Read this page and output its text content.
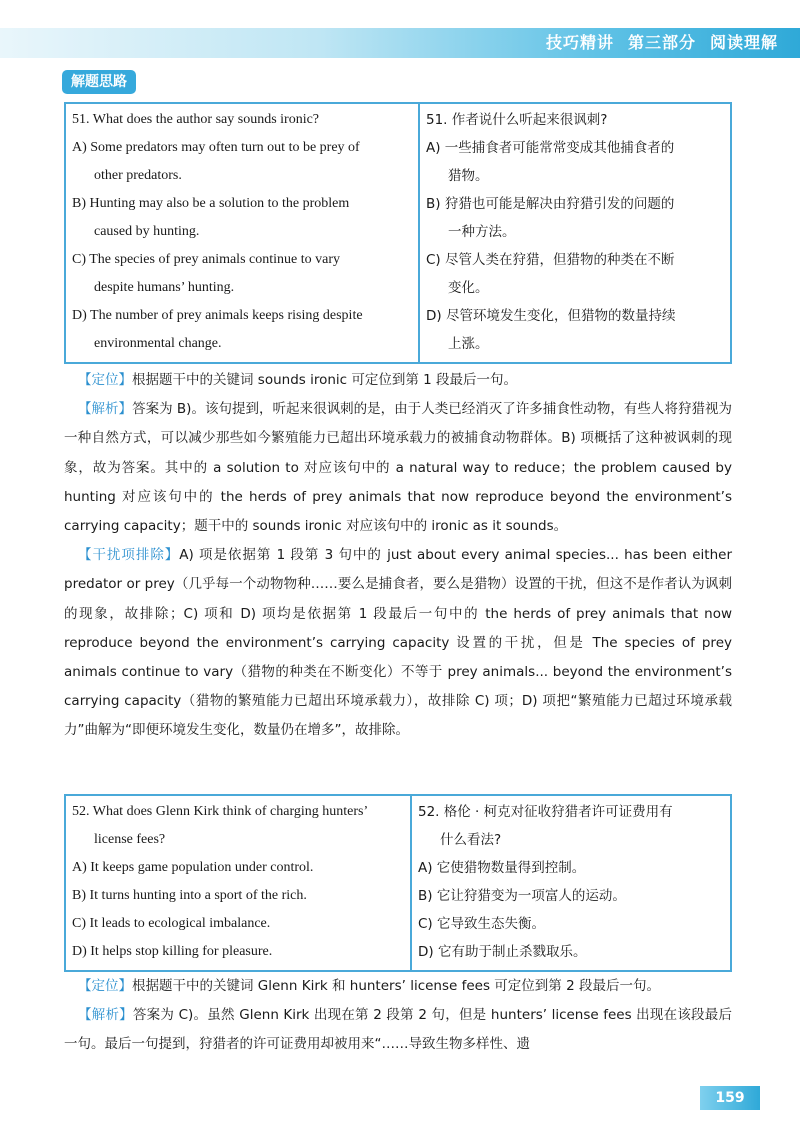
技巧精讲 第三部分 阅读理解
解题思路
51. What does the author say sounds ironic?
A) Some predators may often turn out to be prey of
other predators.
B) Hunting may also be a solution to the problem
caused by hunting.
C) The species of prey animals continue to vary
despite humans’ hunting.
D) The number of prey animals keeps rising despite
environmental change.

51. 作者说什么听起来很讽刺?
A) 一些捕食者可能常常变成其他捕食者的
猎物。
B) 狩猎也可能是解决由狩猎引发的问题的
一种方法。
C) 尽管人类在狩猎，但猎物的种类在不断
变化。
D) 尽管环境发生变化，但猎物的数量持续
上涨。
【定位】根据题干中的关键词 sounds ironic 可定位到第 1 段最后一句。
【解析】答案为 B)。该句提到，听起来很讽刺的是，由于人类已经消灭了许多捕食性动物，有些人将狩猎视为一种自然方式，可以减少那些如今繁殖能力已超出环境承载力的被捕食动物群体。B) 项概括了这种被讽刺的现象，故为答案。其中的 a solution to 对应该句中的 a natural way to reduce；the problem caused by hunting 对应该句中的 the herds of prey animals that now reproduce beyond the environment’s carrying capacity；题干中的 sounds ironic 对应该句中的 ironic as it sounds。
【干扰项排除】A) 项是依据第 1 段第 3 句中的 just about every animal species... has been either predator or prey（几乎每一个动物物种……要么是捕食者，要么是猎物）设置的干扰，但这不是作者认为讽刺的现象，故排除；C) 项和 D) 项均是依据第 1 段最后一句中的 the herds of prey animals that now reproduce beyond the environment’s carrying capacity 设置的干扰，但是 The species of prey animals continue to vary（猎物的种类在不断变化）不等于 prey animals... beyond the environment’s carrying capacity（猎物的繁殖能力已超出环境承载力），故排除 C) 项；D) 项把“繁殖能力已超过环境承载力”曲解为“即便环境发生变化，数量仍在增多”，故排除。
52. What does Glenn Kirk think of charging hunters’
license fees?
A) It keeps game population under control.
B) It turns hunting into a sport of the rich.
C) It leads to ecological imbalance.
D) It helps stop killing for pleasure.

52. 格伦 · 柯克对征收狩猎者许可证费用有
什么看法?
A) 它使猎物数量得到控制。
B) 它让狩猎变为一项富人的运动。
C) 它导致生态失衡。
D) 它有助于制止杀戮取乐。
【定位】根据题干中的关键词 Glenn Kirk 和 hunters’ license fees 可定位到第 2 段最后一句。
【解析】答案为 C)。虽然 Glenn Kirk 出现在第 2 段第 2 句，但是 hunters’ license fees 出现在该段最后一句。最后一句提到，狩猎者的许可证费用却被用来“……导致生物多样性、遗
159
